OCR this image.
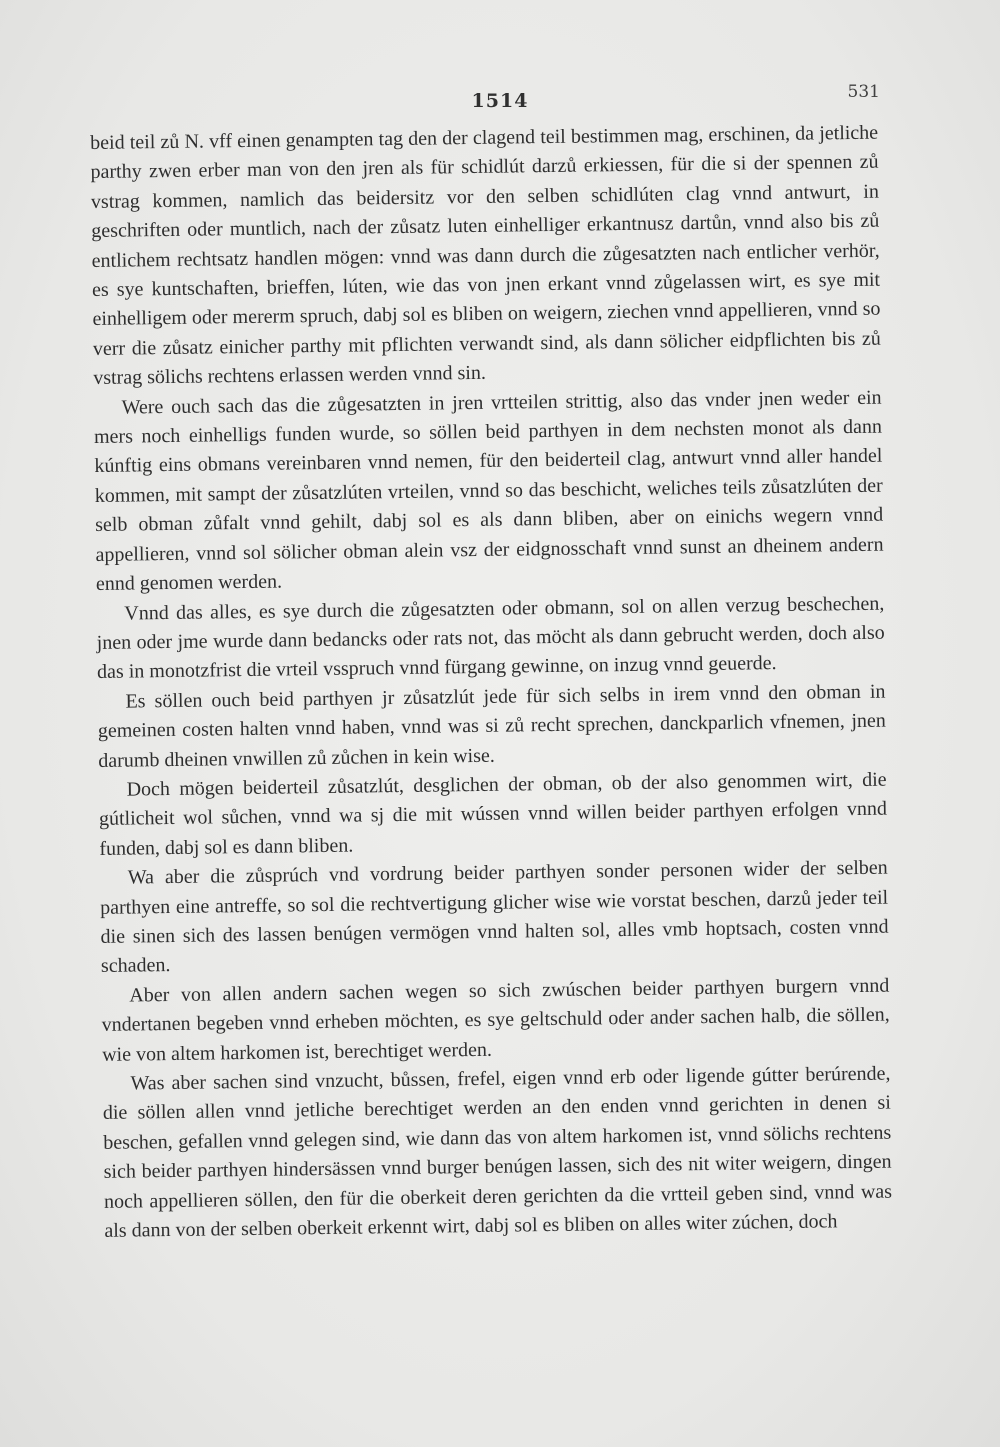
1514	531

beid teil zů N. vff einen genampten tag den der clagend teil bestimmen mag, erschinen, da jetliche parthy zwen erber man von den jren als für schidlút darzů erkiessen, für die si der spennen zů vstrag kommen, namlich das beidersitz vor den selben schidlúten clag vnnd antwurt, in geschriften oder muntlich, nach der zůsatz luten einhelliger erkantnusz dartůn, vnnd also bis zů entlichem rechtsatz handlen mögen: vnnd was dann durch die zůgesatzten nach entlicher verhör, es sye kuntschaften, brieffen, lúten, wie das von jnen erkant vnnd zůgelassen wirt, es sye mit einhelligem oder mererm spruch, dabj sol es bliben on weigern, ziechen vnnd appellieren, vnnd so verr die zůsatz einicher parthy mit pflichten verwandt sind, als dann sölicher eidpflichten bis zů vstrag sölichs rechtens erlassen werden vnnd sin.

Were ouch sach das die zůgesatzten in jren vrtteilen strittig, also das vnder jnen weder ein mers noch einhelligs funden wurde, so söllen beid parthyen in dem nechsten monot als dann kúnftig eins obmans vereinbaren vnnd nemen, für den beiderteil clag, antwurt vnnd aller handel kommen, mit sampt der zůsatzlúten vrteilen, vnnd so das beschicht, weliches teils zůsatzlúten der selb obman zůfalt vnnd gehilt, dabj sol es als dann bliben, aber on einichs wegern vnnd appellieren, vnnd sol sölicher obman alein vsz der eidgnosschaft vnnd sunst an dheinem andern ennd genomen werden.

Vnnd das alles, es sye durch die zůgesatzten oder obmann, sol on allen verzug beschechen, jnen oder jme wurde dann bedancks oder rats not, das möcht als dann gebrucht werden, doch also das in monotzfrist die vrteil vsspruch vnnd fürgang gewinne, on inzug vnnd geuerde.

Es söllen ouch beid parthyen jr zůsatzlút jede für sich selbs in irem vnnd den obman in gemeinen costen halten vnnd haben, vnnd was si zů recht sprechen, danckparlich vfnemen, jnen darumb dheinen vnwillen zů zůchen in kein wise.

Doch mögen beiderteil zůsatzlút, desglichen der obman, ob der also genommen wirt, die gútlicheit wol sůchen, vnnd wa sj die mit wússen vnnd willen beider parthyen erfolgen vnnd funden, dabj sol es dann bliben.

Wa aber die zůsprúch vnd vordrung beider parthyen sonder personen wider der selben parthyen eine antreffe, so sol die rechtvertigung glicher wise wie vorstat beschen, darzů jeder teil die sinen sich des lassen benúgen vermögen vnnd halten sol, alles vmb hoptsach, costen vnnd schaden.

Aber von allen andern sachen wegen so sich zwúschen beider parthyen burgern vnnd vndertanen begeben vnnd erheben möchten, es sye geltschuld oder ander sachen halb, die söllen, wie von altem harkomen ist, berechtiget werden.

Was aber sachen sind vnzucht, bůssen, frefel, eigen vnnd erb oder ligende gútter berúrende, die söllen allen vnnd jetliche berechtiget werden an den enden vnnd gerichten in denen si beschen, gefallen vnnd gelegen sind, wie dann das von altem harkomen ist, vnnd sölichs rechtens sich beider parthyen hindersässen vnnd burger benúgen lassen, sich des nit witer weigern, dingen noch appellieren söllen, den für die oberkeit deren gerichten da die vrtteil geben sind, vnnd was als dann von der selben oberkeit erkennt wirt, dabj sol es bliben on alles witer zúchen, doch
